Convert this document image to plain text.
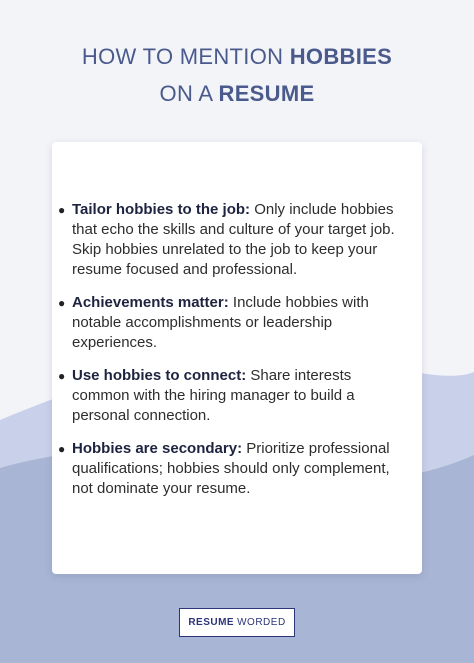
HOW TO MENTION HOBBIES
ON A RESUME
● Tailor hobbies to the job: Only include hobbies that echo the skills and culture of your target job. Skip hobbies unrelated to the job to keep your resume focused and professional.
● Achievements matter: Include hobbies with notable accomplishments or leadership experiences.
● Use hobbies to connect: Share interests common with the hiring manager to build a personal connection.
● Hobbies are secondary: Prioritize professional qualifications; hobbies should only complement, not dominate your resume.
RESUME WORDED
